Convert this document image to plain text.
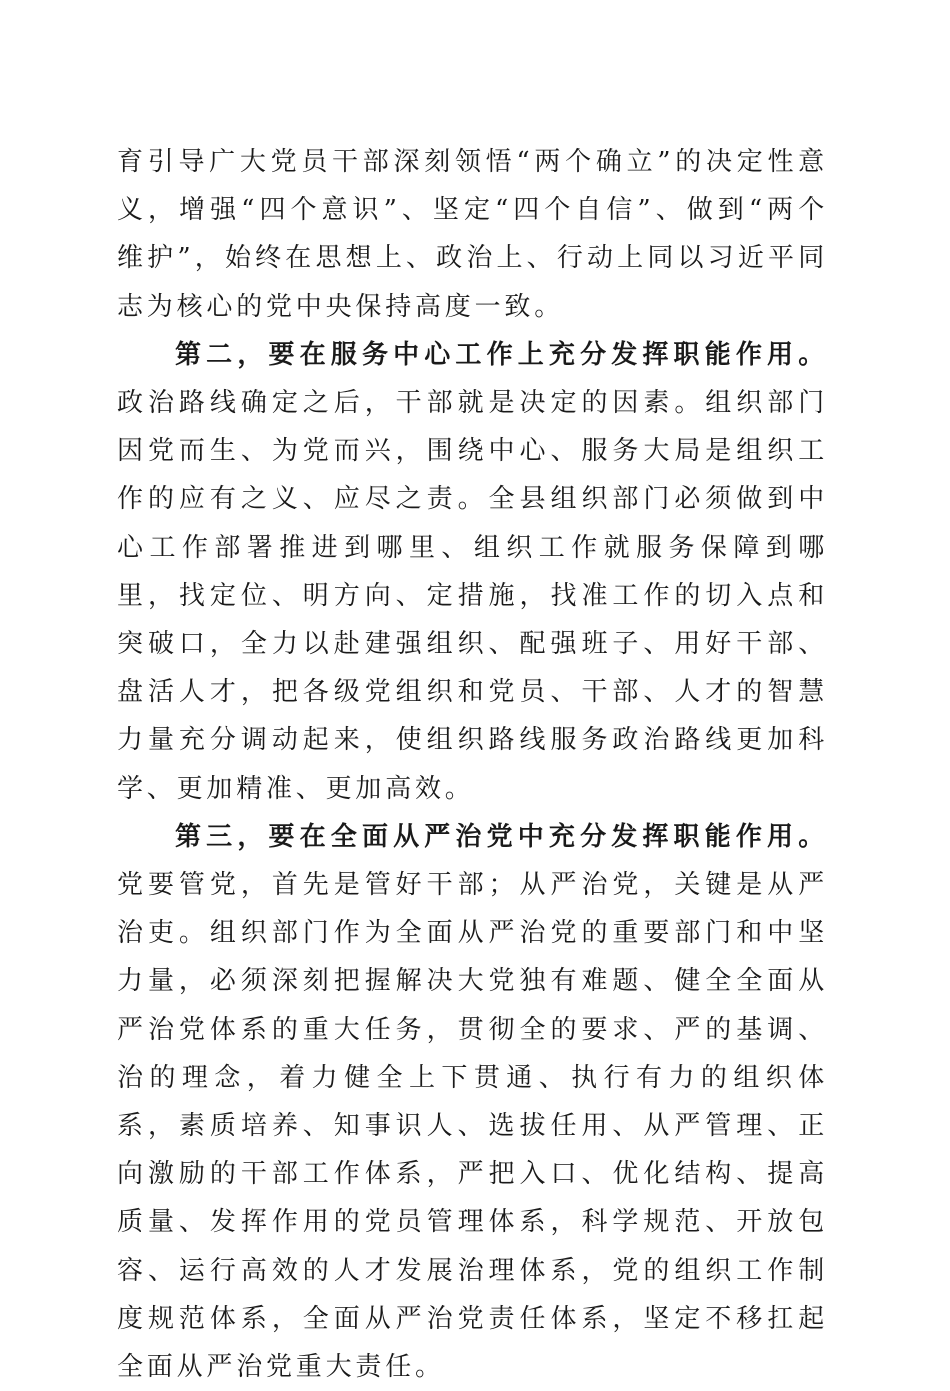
育引导广大党员干部深刻领悟“两个确立”的决定性意义，增强“四个意识”、坚定“四个自信”、做到“两个维护”，始终在思想上、政治上、行动上同以习近平同志为核心的党中央保持高度一致。

第二，要在服务中心工作上充分发挥职能作用。政治路线确定之后，干部就是决定的因素。组织部门因党而生、为党而兴，围绕中心、服务大局是组织工作的应有之义、应尽之责。全县组织部门必须做到中心工作部署推进到哪里、组织工作就服务保障到哪里，找定位、明方向、定措施，找准工作的切入点和突破口，全力以赴建强组织、配强班子、用好干部、盘活人才，把各级党组织和党员、干部、人才的智慧力量充分调动起来，使组织路线服务政治路线更加科学、更加精准、更加高效。

第三，要在全面从严治党中充分发挥职能作用。党要管党，首先是管好干部；从严治党，关键是从严治吏。组织部门作为全面从严治党的重要部门和中坚力量，必须深刻把握解决大党独有难题、健全全面从严治党体系的重大任务，贯彻全的要求、严的基调、治的理念，着力健全上下贯通、执行有力的组织体系，素质培养、知事识人、选拔任用、从严管理、正向激励的干部工作体系，严把入口、优化结构、提高质量、发挥作用的党员管理体系，科学规范、开放包容、运行高效的人才发展治理体系，党的组织工作制度规范体系，全面从严治党责任体系，坚定不移扛起全面从严治党重大责任。
